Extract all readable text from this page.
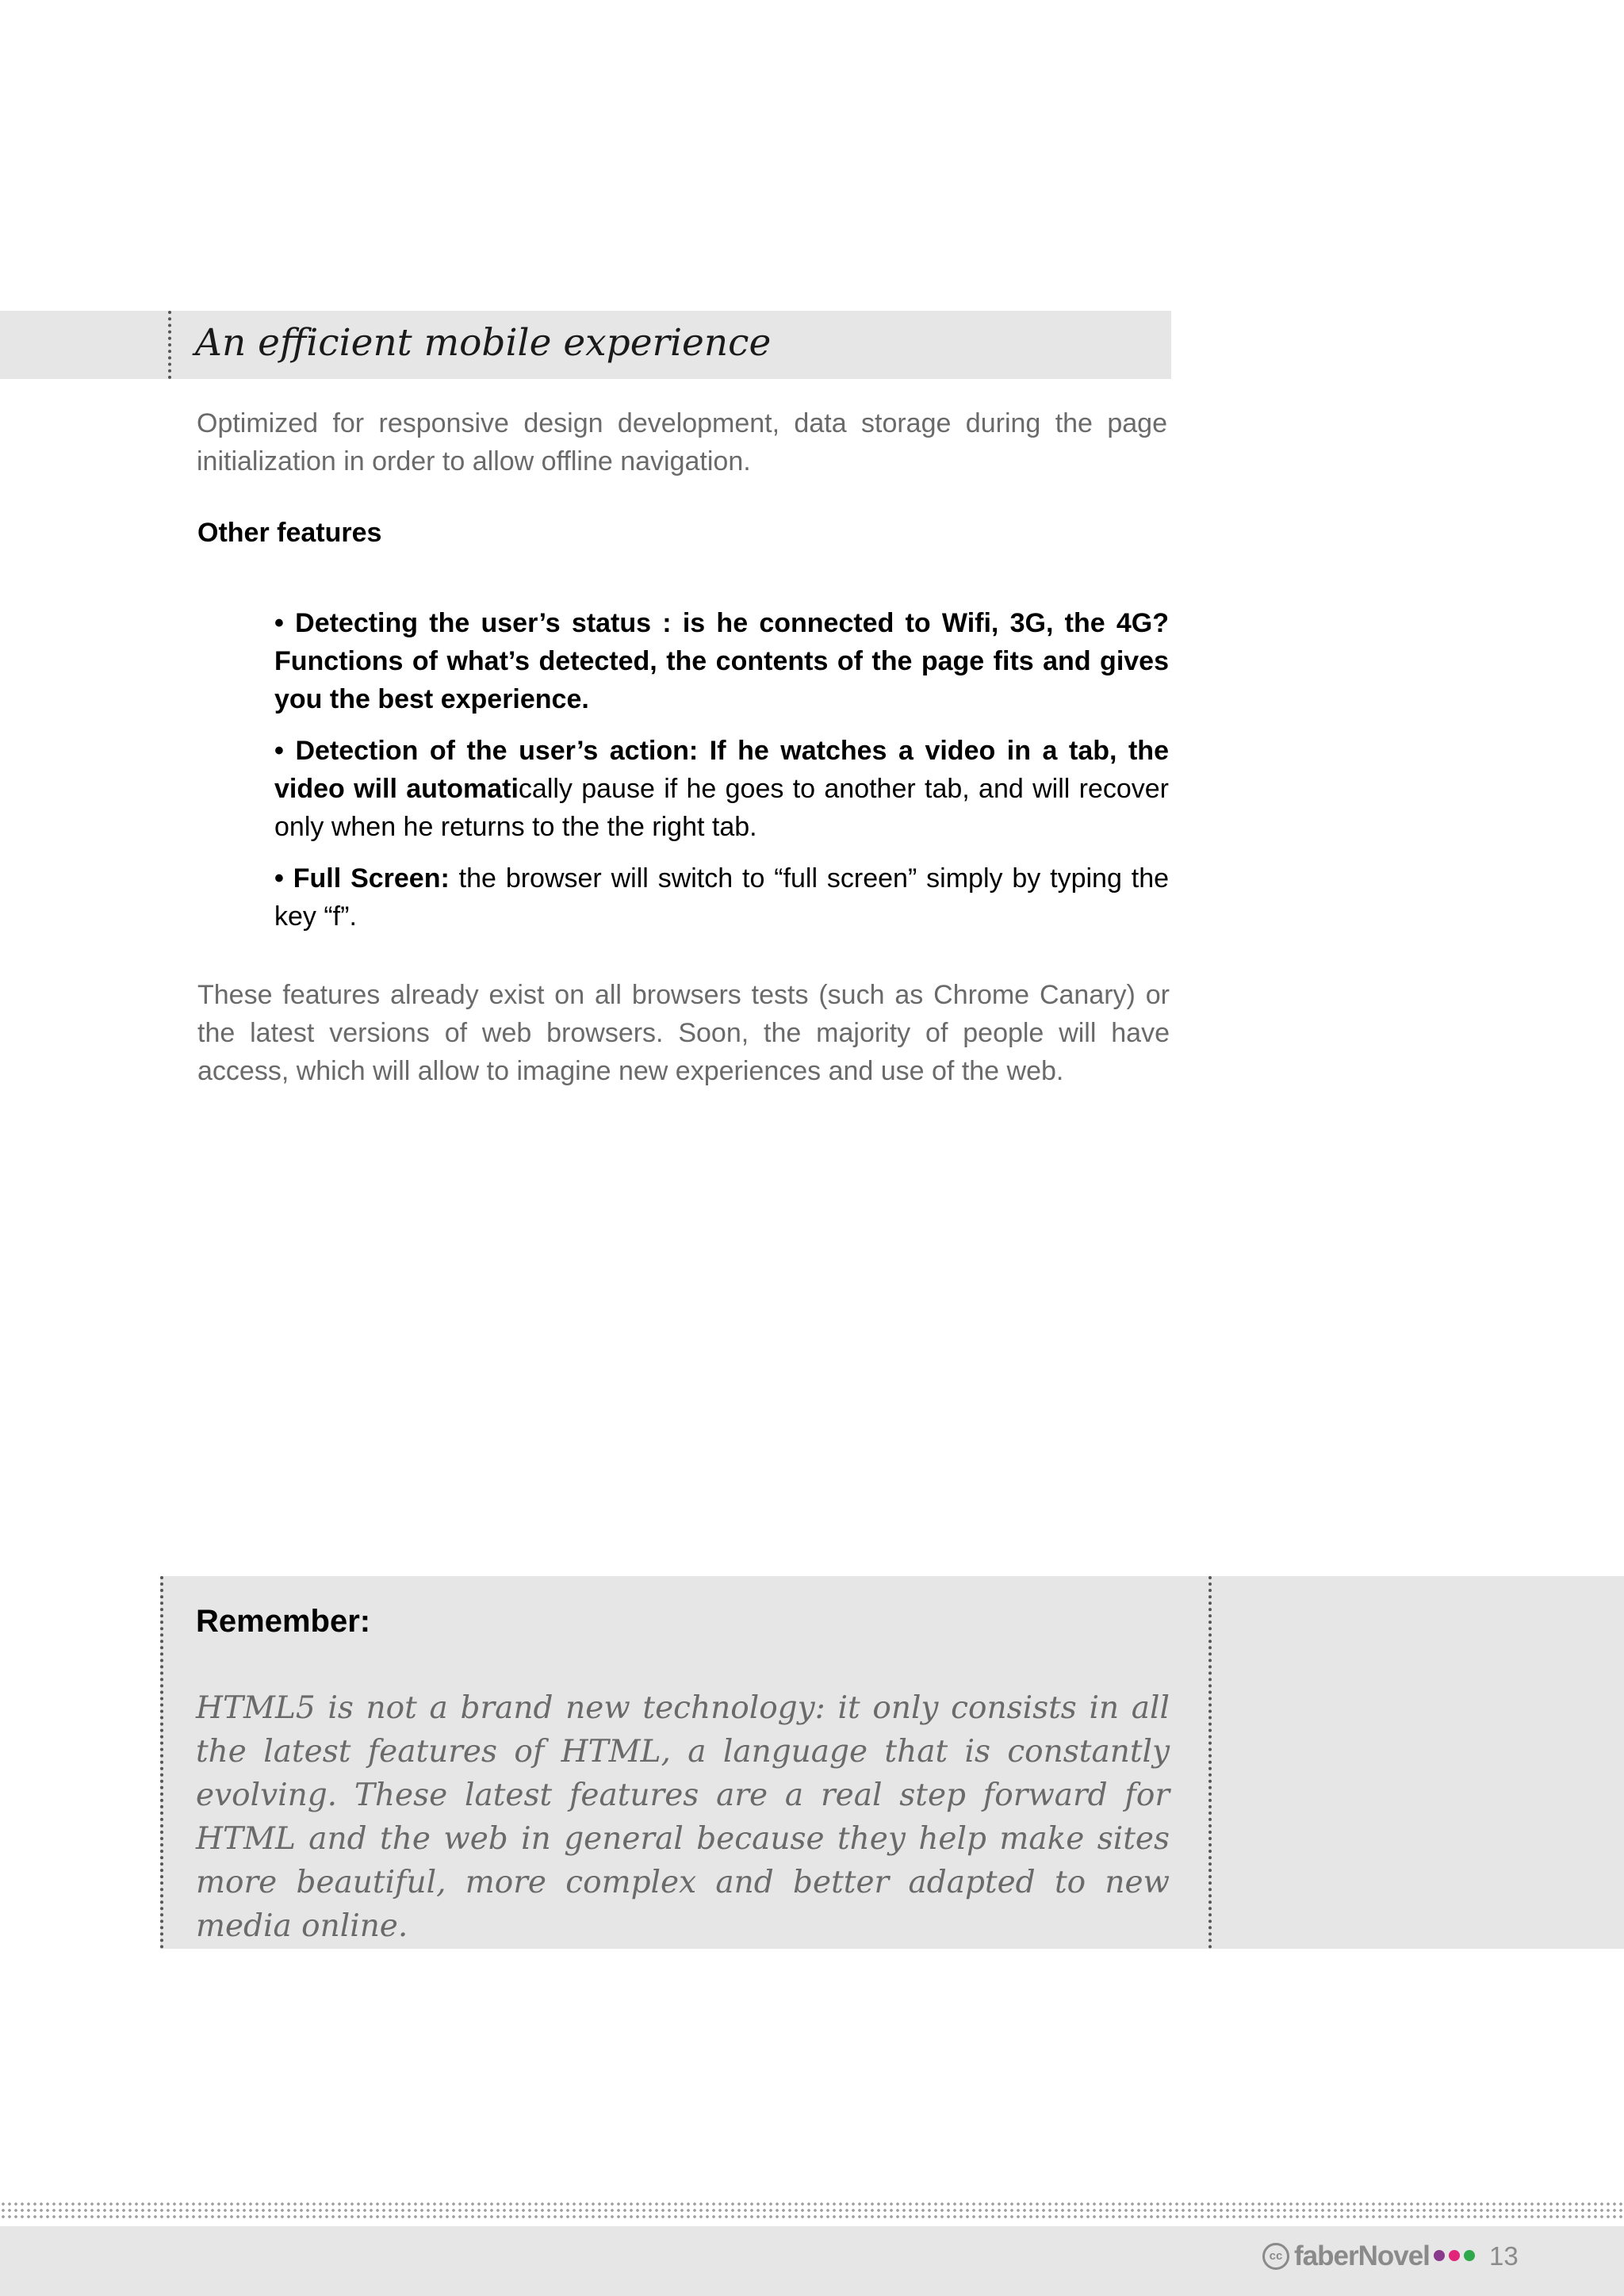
An efficient mobile experience

Optimized for responsive design development, data storage during the page initialization in order to allow offline navigation.

Other features
• Detecting the user’s status : is he connected to Wifi, 3G, the 4G? Functions of what’s detected, the contents of the page fits and gives you the best experience.
• Detection of the user’s action: If he watches a video in a tab, the video will automatically pause if he goes to another tab, and will recover only when he returns to the the right tab.
• Full Screen: the browser will switch to “full screen” simply by typing the key “f”.

These features already exist on all browsers tests (such as Chrome Canary) or the latest versions of web browsers. Soon, the majority of people will have access, which will allow to imagine new experiences and use of the web.

Remember:

HTML5 is not a brand new technology: it only consists in all the latest features of HTML, a language that is constantly evolving. These latest features are a real step forward for HTML and the web in general because they help make sites more beautiful, more complex and better adapted to new media online.

cc faberNovel 13
